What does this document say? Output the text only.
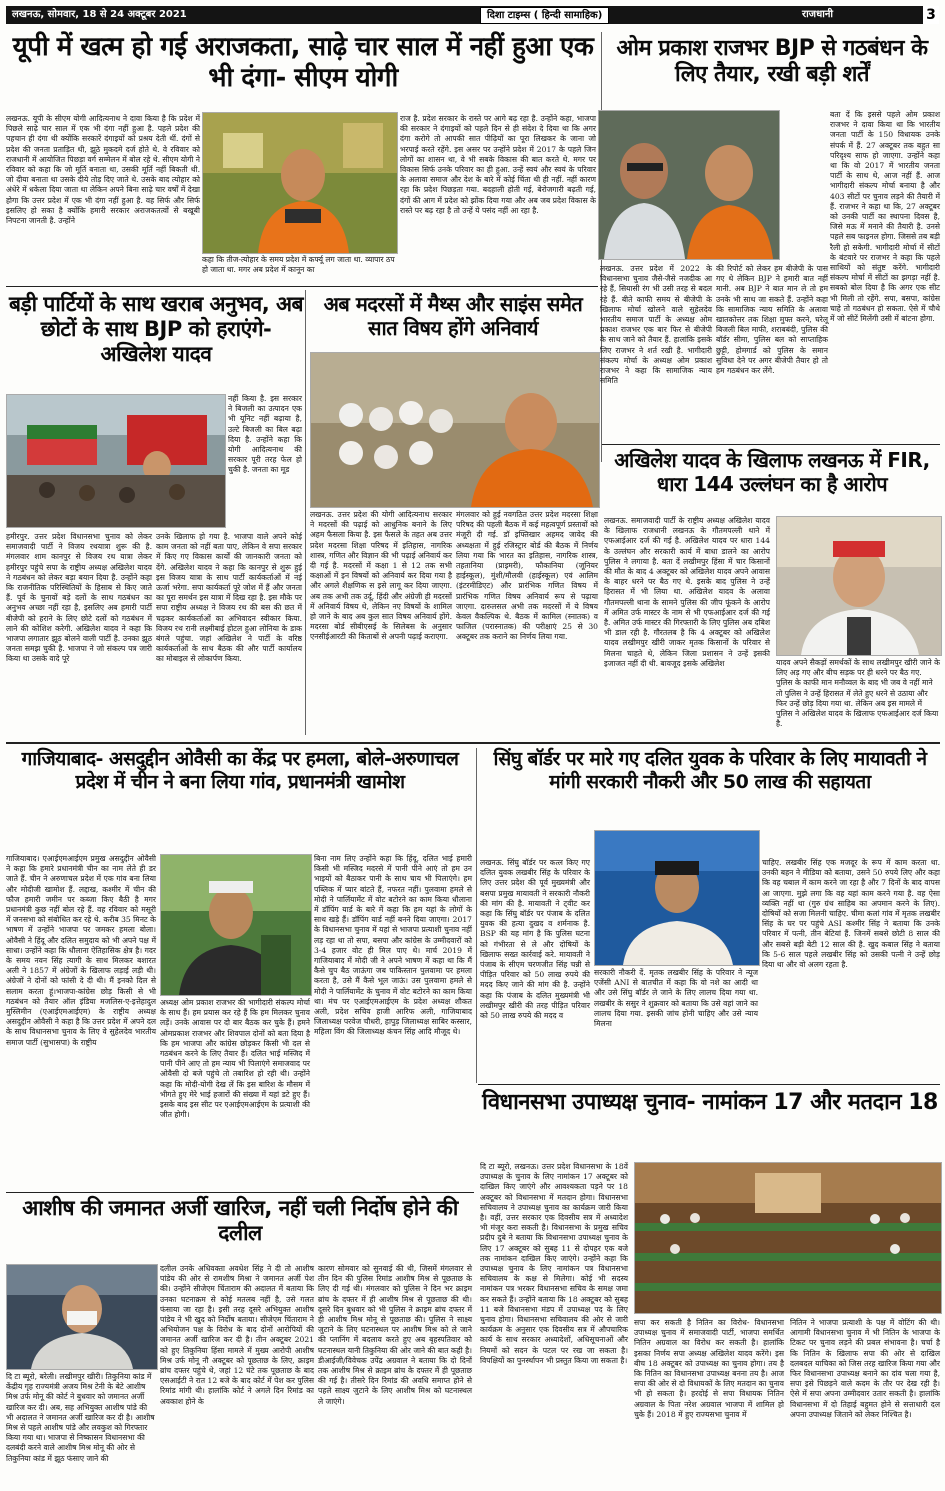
लखनऊ, सोमवार, 18 से 24 अक्टूबर 2021	दिशा टाइम्स ( हिन्दी सामाहिक)	राजधानी	3
यूपी में खत्म हो गई अराजकता, साढ़े चार साल में नहीं हुआ एक भी दंगा- सीएम योगी

लखनऊ. यूपी के सीएम योगी आदित्यनाथ ने दावा किया है कि प्रदेश में पिछले साढ़े चार साल में एक भी दंगा नहीं हुआ है. पहले प्रदेश की पहचान ही दंगा थी क्योंकि सरकारें दंगाइयों को प्रश्रय देती थीं. दंगों से प्रदेश की जनता प्रताड़ित थी, झूठे मुकदमे दर्ज होते थे. वे रविवार को राजधानी में आयोजित पिछड़ा वर्ग सम्मेलन में बोल रहे थे. सीएम योगी ने रविवार को कहा कि जो मूर्ति बनाता था, उसकी मूर्ति नहीं बिकती थी. जो दीया बनाता था उसके दीये तोड़ दिए जाते थे. उसके बाद त्योहार को अंधेरे में धकेला दिया जाता था लेकिन अपने बिना साढ़े चार वर्षों में देखा होगा कि उत्तर प्रदेश में एक भी दंगा नहीं हुआ है. वह सिर्फ और सिर्फ इसलिए हो सका है क्योंकि हमारी सरकार अराजकतत्वों से बखूबी निपटना जानती है. उन्होंने

कहा कि तीज-त्योहार के समय प्रदेश में कर्फ्यू लग जाता था. व्यापार ठप हो जाता था. मगर अब प्रदेश में कानून का

राज है. प्रदेश सरकार के रास्ते पर आगे बढ़ रहा है. उन्होंने कहा, भाजपा की सरकार ने दंगाइयों को पहले दिन से ही संदेश दे दिया था कि अगर दंगा करोगे तो आपकी सात पीढ़ियों का पूरा लिखकर के जाना जो भरपाई करते रहेंगे. इस असर पर उन्होंने प्रदेश में 2017 के पहले जिन लोगों का शासन था, वे भी सबके विकास की बात करते थे. मगर पर विकास सिर्फ उनके परिवार का ही हुआ. उन्हें स्वयं और स्वयं के परिवार के अलावा समाज और देश के बारे में कोई चिंता थी ही नहीं. नहीं कारण रहा कि प्रदेश पिछड़ता गया. बदहाली होती गई, बेरोजगारी बढ़ती गई, दंगों की आग में प्रदेश को झोंक दिया गया और अब जब प्रदेश विकास के रास्ते पर बढ़ रहा है तो उन्हें ये पसंद नहीं आ रहा है.

ओम प्रकाश राजभर BJP से गठबंधन के लिए तैयार, रखी बड़ी शर्तें

लखनऊ. उत्तर प्रदेश में 2022 के विधानसभा चुनाव जैसे-जैसे नजदीक आ रहे हैं, सियासी रंग भी उसी तरह से बदल रहे हैं. बीते काफी समय से बीजेपी के खिलाफ मोर्चा खोलने वाले सुहेलदेव भारतीय समाज पार्टी के अध्यक्ष ओम प्रकाश राजभर एक बार फिर से बीजेपी के साथ जाने को तैयार हैं. हालांकि इसके लिए राजभर ने शर्त रखी है. भागीदारी संकल्प मोर्चा के अध्यक्ष ओम प्रकाश राजभर ने कहा कि सामाजिक न्याय समिति

की रिपोर्ट को लेकर हम बीजेपी के पास गए थे लेकिन BJP ने हमारी बात नहीं मानी. अब BJP ने बात मान ले तो हम उनके भी साथ जा सकते हैं. उन्होंने कहा कि सामाजिक न्याय समिति के अलावा खातकोत्तर तक शिक्षा मुफ्त करने, घरेलू बिजली बिल माफी, शराबबंदी, पुलिस की बॉर्डर सीमा, पुलिस बल को साप्ताहिक छुट्टी, होमगार्ड को पुलिस के समान सुविधा देने पर अगर बीजेपी तैयार हो तो हम गठबंधन कर लेंगे.

बता दें कि इससे पहले ओम प्रकाश राजभर ने दावा किया था कि भारतीय जनता पार्टी के 150 विधायक उनके संपर्क में हैं. 27 अक्टूबर तक बहुत सा परिदृश्य साफ हो जाएगा. उन्होंने कहा था कि वो 2017 में भारतीय जनता पार्टी के साथ थे, आज नहीं हैं. आज भागीदारी संकल्प मोर्चा बनाया है और 403 सीटों पर चुनाव लड़ने की तैयारी में हैं. राजभर ने कहा था कि, 27 अक्टूबर को उनकी पार्टी का स्थापना दिवस है, जिसे मऊ में मनाने की तैयारी है. उनसे पहले सब फाइनल होगा. जिससे तब बड़ी रैली हो सकेगी. भागीदारी मोर्चा में सीटों के बंटवारे पर राजभर ने कहा कि पहले साथियों को संतुष्ट करेंगे. भागीदारी संकल्प मोर्चा में सीटों का झगड़ा नहीं है. सबको बोल दिया है कि अगर एक सीट भी मिली तो रहेंगे. सपा, बसपा, कांग्रेस चाहे तो गठबंधन हो सकता. ऐसे में चौथे में जो सीटें मिलेंगी उसी में बांटना होगा.

बड़ी पार्टियों के साथ खराब अनुभव, अब छोटों के साथ BJP को हराएंगे- अखिलेश यादव

नहीं किया है. इस सरकार ने बिजली का उत्पादन एक भी यूनिट नहीं बढ़ाया है, उल्टे बिजली का बिल बढ़ा दिया है. उन्होंने कहा कि योगी आदित्यनाथ की सरकार पूरी तरह फेल हो चुकी है. जनता का मूड

हमीरपुर. उत्तर प्रदेश विधानसभा चुनाव को लेकर समाजवादी पार्टी ने विजय रथयात्रा शुरू की है. मंगलवार शाम कानपुर से विजय रथ यात्रा लेकर हमीरपुर पहुंचे सपा के राष्ट्रीय अध्यक्ष अखिलेश यादव ने गठबंधन को लेकर बड़ा बयान दिया है. उन्होंने कहा कि राजनीतिक परिस्थितियों के हिसाब से किए जाते हैं. पूर्व के चुनावों बड़े दलों के साथ गठबंधन का अनुभव अच्छा नहीं रहा है, इसलिए अब हमारी पार्टी बीजेपी को हराने के लिए छोटे दलों को गठबंधन में लाने की कोशिश करेगी. अखिलेश यादव ने कहा कि भाजपा लगातार झूठ बोलने वाली पार्टी है. उनका झूठ जनता समझ चुकी है. भाजपा ने जो संकल्प पत्र जारी किया था उसके वादे पूरे

उनके खिलाफ हो गया है. भाजपा वाले अपने कोई काम जनता को नहीं बता पाए, लेकिन वे सपा सरकार में किए गए विकास कार्यों की जानकारी जनता को देंगे. अखिलेश यादव ने कहा कि कानपुर से शुरू हुई इस विजय यात्रा के साथ पार्टी कार्यकर्ताओं में नई ऊर्जा भरेगा. सपा कार्यकर्ता पूरे जोश में हैं और जनता का पूरा समर्थन इस यात्रा में दिख रहा है. इस मौके पर सपा राष्ट्रीय अध्यक्ष ने विजय रथ की बस की छत में चढ़कर कार्यकर्ताओं का अभिवादन स्वीकार किया. विजय रथ रानी लक्ष्मीबाई होटल हुआ लोनिया के डाक बंगले पहुंचा. जहां अखिलेश ने पार्टी के वरिष्ठ कार्यकर्ताओं के साथ बैठक की और पार्टी कार्यालय का मोबाइल से लोकार्पण किया.

अब मदरसों में मैथ्स और साइंस समेत सात विषय होंगे अनिवार्य

लखनऊ. उत्तर प्रदेश की योगी आदित्यनाथ सरकार ने मदरसों की पढ़ाई को आधुनिक बनाने के लिए अहम फैसला किया है. इस फैसले के तहत अब उत्तर प्रदेश मदरसा शिक्षा परिषद में इतिहास, नागरिक शास्त्र, गणित और विज्ञान की भी पढ़ाई अनिवार्य कर दी गई है. मदरसों में कक्षा 1 से 12 तक सभी कक्षाओं में इन विषयों को अनिवार्य कर दिया गया है और अगले शैक्षणिक स इसे लागू कर दिया जाएगा. अब तक अभी तक उर्दू, हिंदी और अंग्रेजी ही मदरसों में अनिवार्य विषय थे, लेकिन नए विषयों के शामिल हो जाने के बाद अब कुल सात विषय अनिवार्य होंगे. मदरसा बोर्ड सीबीएसई के सिलेबस के अनुसार एनसीईआरटी की किताबों से अपनी पढ़ाई कराएगा.

मंगलवार को हुई नवगठित उत्तर प्रदेश मदरसा शिक्षा परिषद की पहली बैठक में कई महत्वपूर्ण प्रस्तावों को मंजूरी दी गई. डॉ इफ्तिखार अहमद जावेद की अध्यक्षता में हुई रजिस्ट्रार बोर्ड की बैठक में निर्णय लिया गया कि भारत का इतिहास, नागरिक शास्त्र, तहतानिया (प्राइमरी), फौकानिया (जूनियर हाईस्कूल), मुंशी/मौलवी (हाईस्कूल) एवं आलिम (इंटरमीडिएट) और प्रारंभिक गणित विषय में प्रारंभिक गणित विषय अनिवार्य रूप से पढ़ाया जाएगा. दारुलसल अभी तक मदरसों में ये विषय केवल वैकल्पिक थे. बैठक में कामिल (स्नातक) व फाजिल (परास्नातक) की परीक्षाएं 25 से 30 अक्टूबर तक कराने का निर्णय लिया गया.

अखिलेश यादव के खिलाफ लखनऊ में FIR, धारा 144 उल्लंघन का है आरोप

लखनऊ. समाजवादी पार्टी के राष्ट्रीय अध्यक्ष अखिलेश यादव के खिलाफ राजधानी लखनऊ के गौतमपल्ली थाने में एफआईआर दर्ज की गई है. अखिलेश यादव पर धारा 144 के उल्लंघन और सरकारी कार्य में बाधा डालने का आरोप पुलिस ने लगाया है. बता दें लखीमपुर हिंसा में चार किसानों की मौत के बाद 4 अक्टूबर को अखिलेश यादव अपने आवास के बाहर धरने पर बैठ गए थे. इसके बाद पुलिस ने उन्हें हिरासत में भी लिया था. अखिलेश यादव के अलावा गौतमपल्ली थाना के सामने पुलिस की जीप फूंकने के आरोप में अमित उर्फ मास्टर के नाम से भी एफआईआर दर्ज की गई है. अमित उर्फ मास्टर की गिरफ्तारी के लिए पुलिस अब दबिश भी डाल रही है. गौरतलब है कि 4 अक्टूबर को अखिलेश यादव लखीमपुर खीरी जाकर मृतक किसानों के परिवार से मिलना चाहते थे, लेकिन जिला प्रशासन ने उन्हें इसकी इजाजत नहीं दी थी. बावजूद इसके अखिलेश	यादव अपने सैकड़ों समर्थकों के साथ लखीमपुर खीरी जाने के लिए अड़ गए और बीच सड़क पर ही धरने पर बैठ गए. पुलिस के काफी मान मनौव्वल के बाद भी जब वे नहीं माने तो पुलिस ने उन्हें हिरासत में लेते हुए धरने से उठाया और फिर उन्हें छोड़ दिया गया था. लेकिन अब इस मामले में पुलिस ने अखिलेश यादव के खिलाफ एफआईआर दर्ज किया है.

गाजियाबाद- असदुद्दीन ओवैसी का केंद्र पर हमला, बोले-अरुणाचल प्रदेश में चीन ने बना लिया गांव, प्रधानमंत्री खामोश

गाजियाबाद। एआईएमआईएम प्रमुख असदुद्दीन ओवैसी ने कहा कि हमारे प्रधानमंत्री चीन का नाम लेते ही डर जाते हैं. चीन ने अरुणाचल प्रदेश में एक गांव बना लिया और मोदीजी खामोश हैं. लद्दाख, कश्मीर में चीन की फौज हमारी जमीन पर कब्जा किए बैठी है मगर प्रधानमंत्री कुछ नहीं बोल रहे हैं. वह रविवार को मसूरी में जनसभा को संबोधित कर रहे थे. करीब 35 मिनट के भाषण में उन्होंने भाजपा पर जमकर हमला बोला। ओवैसी ने हिंदू और दलित समुदाय को भी अपने पक्ष में साधा। उन्होंने कहा कि धौलाना ऐतिहासिक क्षेत्र है। गदर के समय नवन सिंह त्यागी के साथ मिलकर बशारत अली ने 1857 में अंग्रेजों के खिलाफ लड़ाई लड़ी थी। अंग्रेजों ने दोनों को फांसी दे दी थी। मैं इनको दिल से सलाम करता हूं।भाजपा-कांग्रेस छोड़ किसी से भी गठबंधन को तैयार ऑल इंडिया मजलिस-ए-इत्तेहादुल मुस्लिमीन (एआईएमआईएम) के राष्ट्रीय अध्यक्ष असदुद्दीन ओवैसी ने कहा है कि उत्तर प्रदेश में अपने दल के साथ विधानसभा चुनाव के लिए वे सुहेलदेव भारतीय समाज पार्टी (सुभासपा) के राष्ट्रीय

अध्यक्ष ओम प्रकाश राजभर की भागीदारी संकल्प मोर्चा के साथ हैं। हम प्रयास कर रहे हैं कि हम मिलकर चुनाव लड़ें। उनके आवास पर दो बार बैठक कर चुके हैं। हमने ओमप्रकाश राजभर और शिवपाल दोनों को बता दिया है कि हम भाजपा और कांग्रेस छोड़कर किसी भी दल से गठबंधन करने के लिए तैयार हैं। दलित भाई मस्जिद में पानी पीने आए तो हम न्याय भी पिलाएंगे समाजवाद पर ओवैसी दो बजे पहुंचे तो तबारिश हो रही थी। उन्होंने कहा कि मोदी-योगी देख लें कि इस बारिश के मौसम में भीगते हुए मेरे भाई हजारों की संख्या में यहां डटे हुए हैं। इसके बाद इस सीट पर एआईएमआईएम के प्रत्याशी की जीत होगी।

बिना नाम लिए उन्होंने कहा कि हिंदू, दलित भाई हमारी किसी भी मस्जिद मदरसे में पानी पीने आएं तो हम उन भाइयों को बैठाकर पानी के साथ चाय भी पिलाएंगे। हम पब्लिक में प्यार बांटते हैं, नफरत नहीं। पुलवामा हमले से मोदी ने पार्लियामेंट में वोट बटोरने का काम किया धौलाना में डॉपिंग यार्ड के बारे में कहा कि हम यहां के लोगों के साथ खड़े हैं। डॉपिंग यार्ड नहीं बनने दिया जाएगा। 2017 के विधानसभा चुनाव में यहां से भाजपा प्रत्याशी चुनाव नहीं लड़ रहा था तो सपा, बसपा और कांग्रेस के उम्मीदवारों को 3-4 हजार वोट ही मिल पाए थे। मार्च 2019 में गाजियाबाद में मोदी जी ने अपने भाषण में कहा था कि मैं कैसे चुप बैठ जाऊंगा जब पाकिस्तान पुलवामा पर हमला करता है, उसे मैं कैसे भूल जाऊं। उस पुलवामा हमले से मोदी ने पार्लियामेंट के चुनाव में वोट बटोरने का काम किया था। मंच पर एआईएमआईएम के प्रदेश अध्यक्ष शौकत अली, प्रदेश सचिव हाजी आरिफ अली, गाजियाबाद जिलाध्यक्ष परवेज चौधरी, हापुड़ जिलाध्यक्ष साबिर कस्सार, महिला विंग की जिलाध्यक्ष कंचन सिंह आदि मौजूद थे।

सिंघु बॉर्डर पर मारे गए दलित युवक के परिवार के लिए मायावती ने मांगी सरकारी नौकरी और 50 लाख की सहायता

लखनऊ. सिंघु बॉर्डर पर कत्ल किए गए दलित युवक लखबीर सिंह के परिवार के लिए उत्तर प्रदेश की पूर्व मुख्यमंत्री और बसपा प्रमुख मायावती ने सरकारी नौकरी की मांग की है. मायावती ने ट्वीट कर कहा कि सिंघु बॉर्डर पर पंजाब के दलित युवक की हत्या दुखद व शर्मनाक है. BSP की यह मांग है कि पुलिस घटना को गंभीरता से ले और दोषियों के खिलाफ सख्त कार्रवाई करे. मायावती ने पंजाब के सीएम चरणजीत सिंह चन्नी से पीड़ित परिवार को 50 लाख रुपये की मदद किए जाने की मांग की है. उन्होंने कहा कि पंजाब के दलित मुख्यमंत्री भी लखीमपुर खीरी की तरह पीड़ित परिवार को 50 लाख रुपये की मदद व

सरकारी नौकरी दें. मृतक लखबीर सिंह के परिवार ने न्यूज एजेंसी ANI से बातचीत में कहा कि वो नशे का आदी था और उसे सिंघु बॉर्डर ले जाने के लिए लालच दिया गया था. लखबीर के ससुर ने शुक्रवार को बताया कि उसे वहां जाने का लालच दिया गया. इसकी जांच होनी चाहिए और उसे न्याय मिलना

चाहिए. लखबीर सिंह एक मजदूर के रूप में काम करता था. उनकी बहन ने मीडिया को बताया, उसने 50 रुपये लिए और कहा कि वह चबाल में काम करने जा रहा है और 7 दिनों के बाद वापस आ जाएगा. मुझे लगा कि वह यहां काम करने गया है. वह ऐसा व्यक्ति नहीं था (गुरु ग्रंथ साहिब का अपमान करने के लिए). दोषियों को सजा मिलनी चाहिए. चीमा कलां गांव में मृतक लखबीर सिंह के घर पर पहुंचे ASI कश्मीर सिंह ने बताया कि उनके परिवार में पत्नी, तीन बेटियां हैं. जिनमें सबसे छोटी 8 साल की और सबसे बड़ी बेटी 12 साल की है. खुद कबाल सिंह ने बताया कि 5-6 साल पहले लखबीर सिंह को उसकी पत्नी ने उन्हें छोड़ दिया था और वो अलग रहता है.

विधानसभा उपाध्यक्ष चुनाव- नामांकन 17 और मतदान 18

दि टा ब्यूरो, लखनऊ। उत्तर प्रदेश विधानसभा के 18वें उपाध्यक्ष के चुनाव के लिए नामांकन 17 अक्टूबर को दाखिल किए जाएंगे और आवश्यकता पड़ने पर 18 अक्टूबर को विधानसभा में मतदान होगा। विधानसभा सचिवालय ने उपाध्यक्ष चुनाव का कार्यक्रम जारी किया है। वहीं, उत्तर सरकार एक दिवसीय सत्र में अध्यादेश भी मंजूर करा सकती है। विधानसभा के प्रमुख सचिव प्रदीप दुबे ने बताया कि विधानसभा उपाध्यक्ष चुनाव के लिए 17 अक्टूबर को सुबह 11 से दोपहर एक बजे तक नामांकन दाखिल किए जाएंगे। उन्होंने कहा कि उपाध्यक्ष चुनाव के लिए नामांकन पत्र विधानसभा सचिवालय के कक्ष से मिलेगा। कोई भी सदस्य नामांकन पत्र भरकर विधानसभा सचिव के समक्ष जमा कर सकते हैं। उन्होंने बताया कि 18 अक्टूबर को सुबह 11 बजे विधानसभा मंडप में उपाध्यक्ष पद के लिए चुनाव होगा। विधानसभा सचिवालय की ओर से जारी कार्यक्रम के अनुसार एक दिवसीय सत्र में औपचारिक कार्य के साथ सरकार अध्यादेशों, अधिसूचनाओं और नियमों को सदन के पटल पर रख जा सकता है। विपक्षियों का पुनर्स्थापन भी प्रस्तुत किया जा सकता है।

सपा कर सकती है नितिन का विरोध- विधानसभा उपाध्यक्ष चुनाव में समाजवादी पार्टी, भाजपा समर्थित नितिन अग्रवाल का विरोध कर सकती है। हालांकि इसका निर्णय सपा अध्यक्ष अखिलेश यादव करेंगे। इस बीच 18 अक्टूबर को उपाध्यक्ष का चुनाव होगा। तय है कि नितिन का विधानसभा उपाध्यक्ष बनना तय है। आज सपा की ओर से दो विधायकों के लिए मतदान का चुनाव भी हो सकता है। हरदोई से सपा विधायक नितिन अग्रवाल के पिता नरेश अग्रवाल भाजपा में शामिल हो चुके हैं। 2018 में हुए राज्यसभा चुनाव में

नितिन ने भाजपा प्रत्याशी के पक्ष में वोटिंग की थी। आगामी विधानसभा चुनाव में भी नितिन के भाजपा के टिकट पर चुनाव लड़ने की प्रबल संभावना है। चर्चा है कि नितिन के खिलाफ सपा की ओर से दाखिल दलबदल याचिका को जिस तरह खारिज किया गया और फिर विधानसभा उपाध्यक्ष बनाने का दांव चला गया है, सपा इसे पिछड़ने वाले कदम के तौर पर देख रही है। ऐसे में सपा अपना उम्मीदवार उतार सकती है। हालांकि विधानसभा में दो तिहाई बहुमत होने से सत्ताधारी दल अपना उपाध्यक्ष जिताने को लेकर निश्चित है।

आशीष की जमानत अर्जी खारिज, नहीं चली निर्दोष होने की दलील

दि टा ब्यूरो, बरेली। लखीमपुर खीरी। तिकुनिया कांड में केंद्रीय गृह राज्यमंत्री अजय मिश्र टेनी के बेटे आशीष मिश्र उर्फ मोनू की कोर्ट ने बुधवार को जमानत अर्जी खारिज कर दी। अब, सह अभियुक्त आशीष पांडे की भी अदालत ने जमानत अर्जी खारिज कर दी है। आशीष मिश्र से पहले आशीष पांडे और लवकुश को गिरफ्तार किया गया था। भाजपा से निष्कासन विधानसभा की दलबंदी करने वाले आशीष मिश्र मोनू की ओर से तिकुनिया कांड में झूठ फंसाए जाने की

दलील उनके अधिवक्ता अवधेश सिंह ने दी तो आशीष पांडेय की ओर से रामशीष मिश्रा ने जमानत अर्जी पेश की। उन्होंने सीजेएम चिंताराम की अदालत में बताया कि उनका घटनाक्रम से कोई मतलब नहीं है, उसे गलत फंसाया जा रहा है। इसी तरह दूसरे अभियुक्त आशीष पांडेय ने भी खुद को निर्दोष बताया। सीजेएम चिंताराम ने अभियोजन पक्ष के विरोध के बाद दोनों आरोपियों की जमानत अर्जी खारिज कर दी है। तीन अक्टूबर 2021 को हुए तिकुनिया हिंसा मामले में मुख्य आरोपी आशीष मिश्र उर्फ मोनू नौ अक्टूबर को पूछताछ के लिए, क्राइम ब्रांच दफ्तर पहुंचे थे, जहां 12 घंटे तक पूछताछ के बाद एसआईटी ने रात 12 बजे के बाद कोर्ट में पेश कर पुलिस रिमांड मांगी थी। हालांकि कोर्ट ने अगले दिन रिमांड का अवकाश होने के

कारण सोमवार को सुनवाई की थी, जिसमें मंगलवार से तीन दिन की पुलिस रिमांड आशीष मिश्र से पूछताछ के लिए दी गई थी। मंगलवार को पुलिस ने दिन भर क्राइम ब्रांच के दफ्तर में ही आशीष मिश्र से पूछताछ की थी। दूसरे दिन बुधवार को भी पुलिस ने क्राइम ब्रांच दफ्तर में ही आशीष मिश्र मोनू से पूछताछ की। पुलिस ने साक्ष्य जुटाने के लिए घटनास्थल पर आशीष मिश्र को ले जाने की प्लानिंग में बदलाव करते हुए अब बृहस्पतिवार को घटनास्थल यानी तिकुनिया की ओर जाने की बात कही है। डीआईजी/विवेचक उपेंद्र अग्रवाल ने बताया कि दो दिनों तक आशीष मिश्र से क्राइम ब्रांच के दफ्तर में ही पूछताछ की गई है। तीसरे दिन रिमांड की अवधि समाप्त होने से पहले साक्ष्य जुटाने के लिए आशीष मिश्र को घटनास्थल ले जाएंगे।
